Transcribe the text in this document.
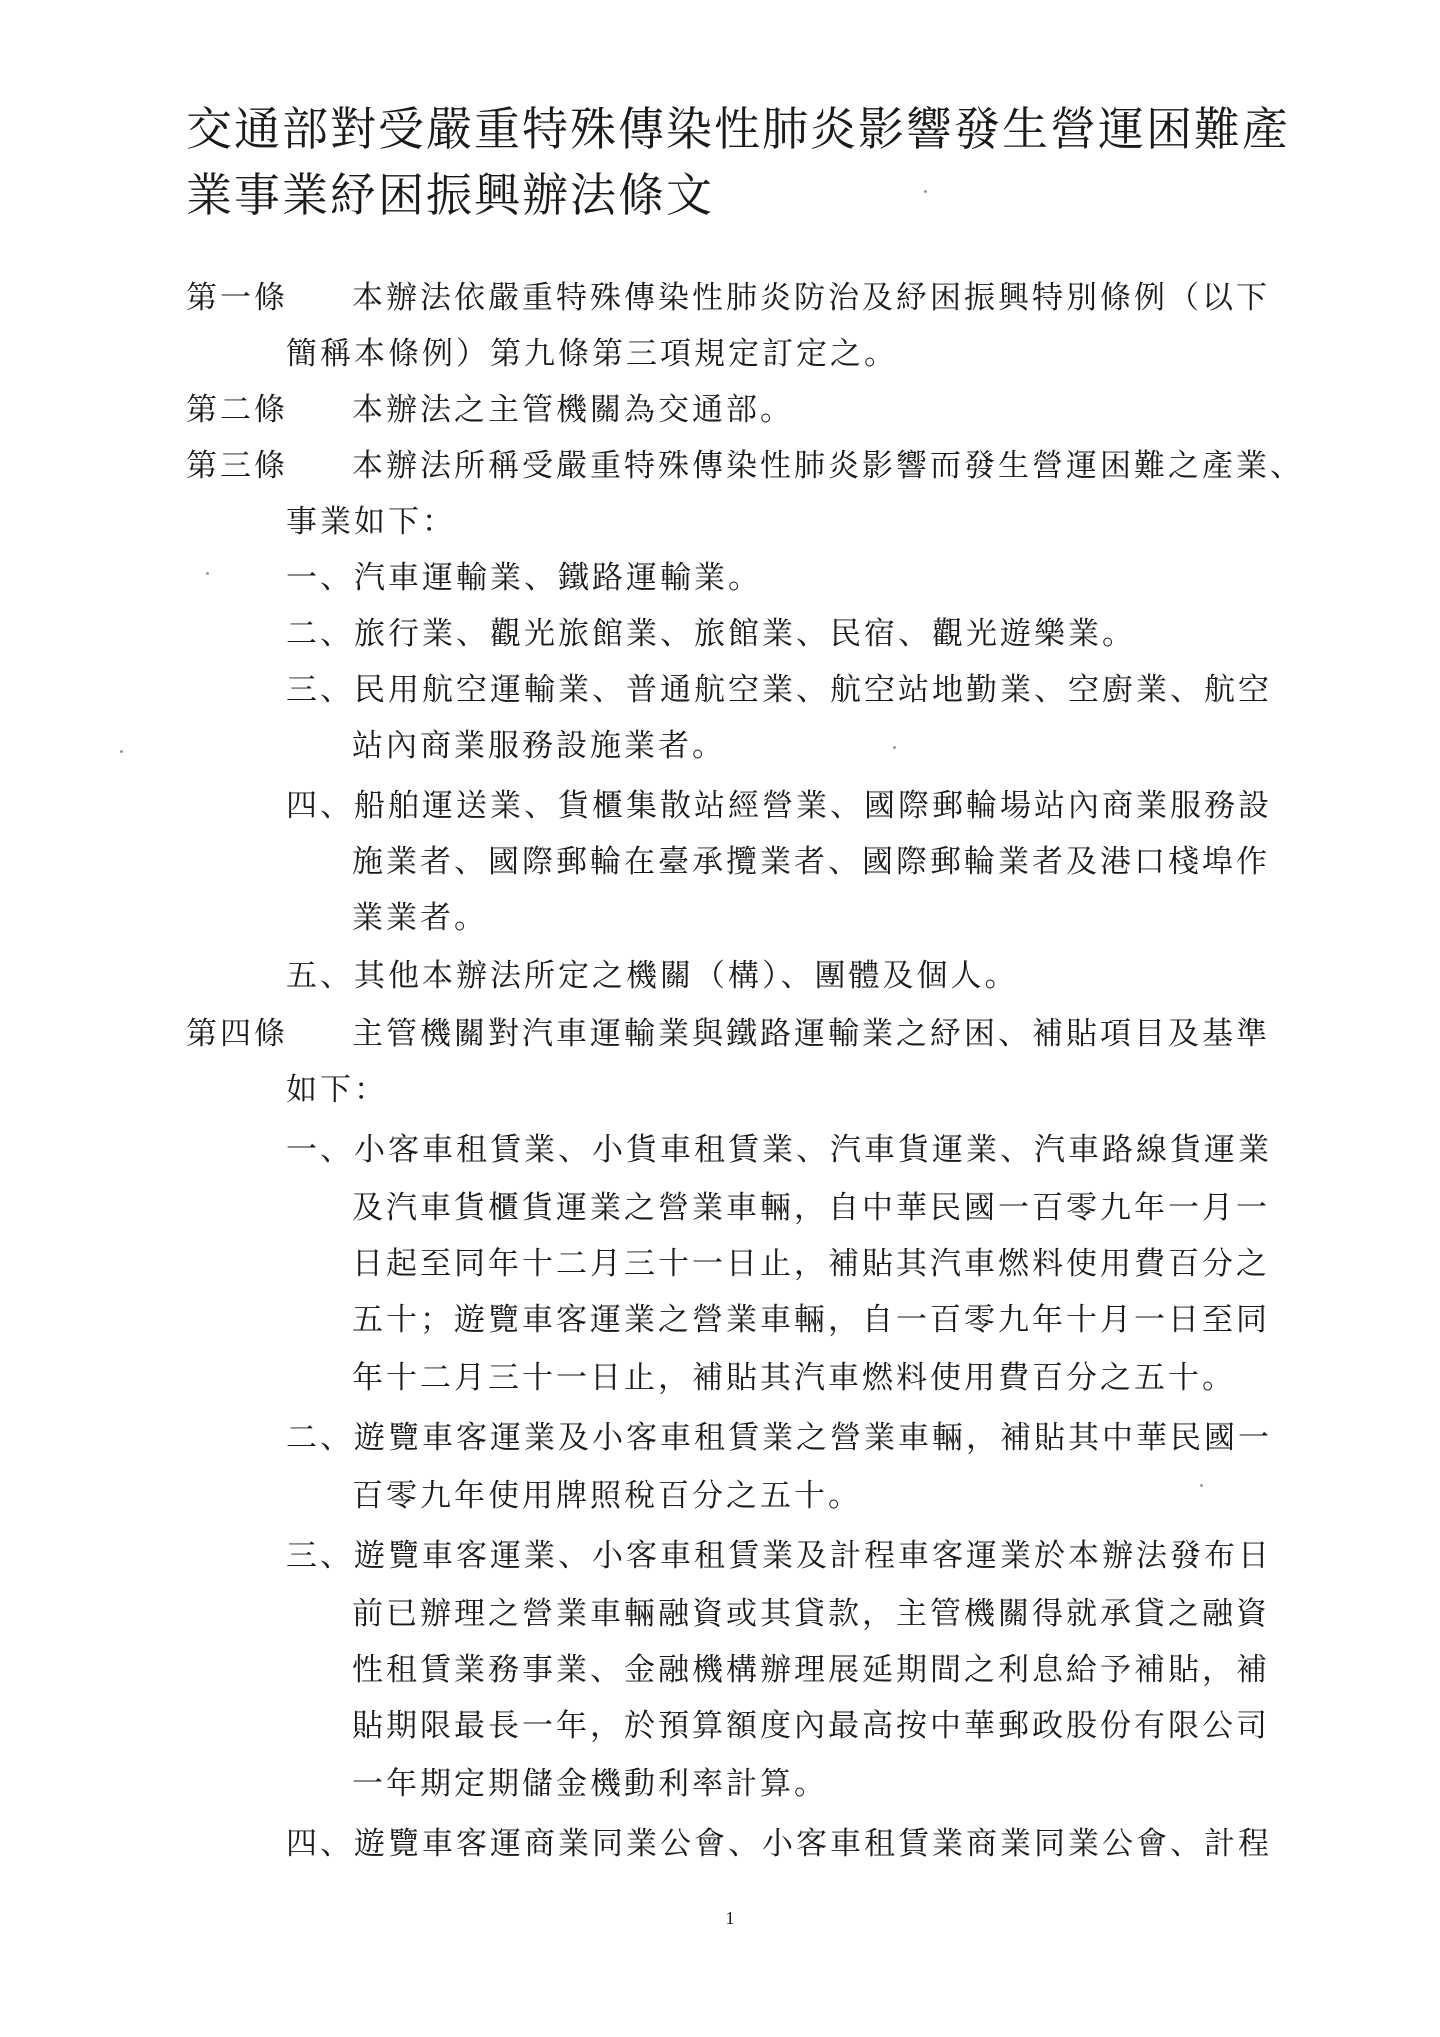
交通部對受嚴重特殊傳染性肺炎影響發生營運困難產
業事業紓困振興辦法條文
第一條 本辦法依嚴重特殊傳染性肺炎防治及紓困振興特別條例（以下
簡稱本條例）第九條第三項規定訂定之。
第二條 本辦法之主管機關為交通部。
第三條 本辦法所稱受嚴重特殊傳染性肺炎影響而發生營運困難之產業、
事業如下：
一、汽車運輸業、鐵路運輸業。
二、旅行業、觀光旅館業、旅館業、民宿、觀光遊樂業。
三、民用航空運輸業、普通航空業、航空站地勤業、空廚業、航空
站內商業服務設施業者。
四、船舶運送業、貨櫃集散站經營業、國際郵輪場站內商業服務設
施業者、國際郵輪在臺承攬業者、國際郵輪業者及港口棧埠作
業業者。
五、其他本辦法所定之機關（構）、團體及個人。
第四條 主管機關對汽車運輸業與鐵路運輸業之紓困、補貼項目及基準
如下：
一、小客車租賃業、小貨車租賃業、汽車貨運業、汽車路線貨運業
及汽車貨櫃貨運業之營業車輛，自中華民國一百零九年一月一
日起至同年十二月三十一日止，補貼其汽車燃料使用費百分之
五十；遊覽車客運業之營業車輛，自一百零九年十月一日至同
年十二月三十一日止，補貼其汽車燃料使用費百分之五十。
二、遊覽車客運業及小客車租賃業之營業車輛，補貼其中華民國一
百零九年使用牌照稅百分之五十。
三、遊覽車客運業、小客車租賃業及計程車客運業於本辦法發布日
前已辦理之營業車輛融資或其貸款，主管機關得就承貸之融資
性租賃業務事業、金融機構辦理展延期間之利息給予補貼，補
貼期限最長一年，於預算額度內最高按中華郵政股份有限公司
一年期定期儲金機動利率計算。
四、遊覽車客運商業同業公會、小客車租賃業商業同業公會、計程
1
